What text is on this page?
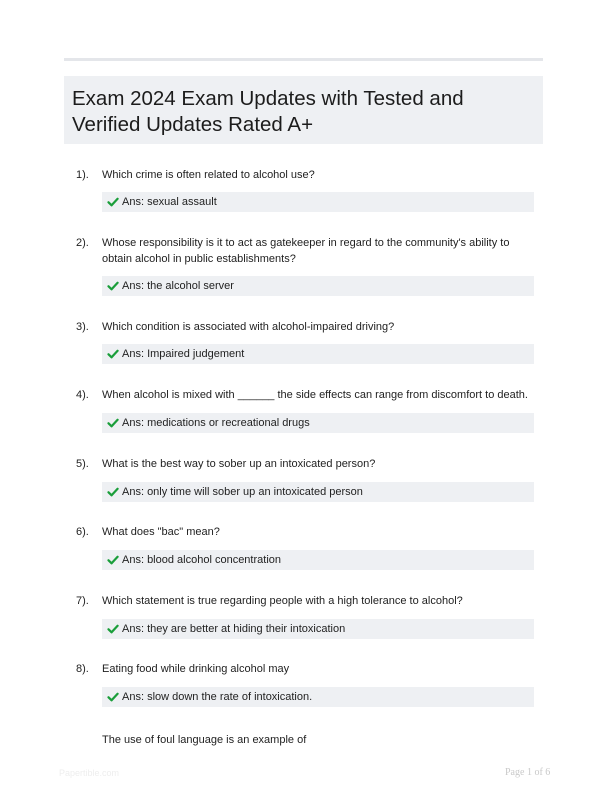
Exam 2024 Exam Updates with Tested and Verified Updates Rated A+
1). Which crime is often related to alcohol use?
Ans: sexual assault
2). Whose responsibility is it to act as gatekeeper in regard to the community's ability to obtain alcohol in public establishments?
Ans: the alcohol server
3). Which condition is associated with alcohol-impaired driving?
Ans: Impaired judgement
4). When alcohol is mixed with ______ the side effects can range from discomfort to death.
Ans: medications or recreational drugs
5). What is the best way to sober up an intoxicated person?
Ans: only time will sober up an intoxicated person
6). What does "bac" mean?
Ans: blood alcohol concentration
7). Which statement is true regarding people with a high tolerance to alcohol?
Ans: they are better at hiding their intoxication
8). Eating food while drinking alcohol may
Ans: slow down the rate of intoxication.
The use of foul language is an example of
Papertible.com	Page 1 of 6
